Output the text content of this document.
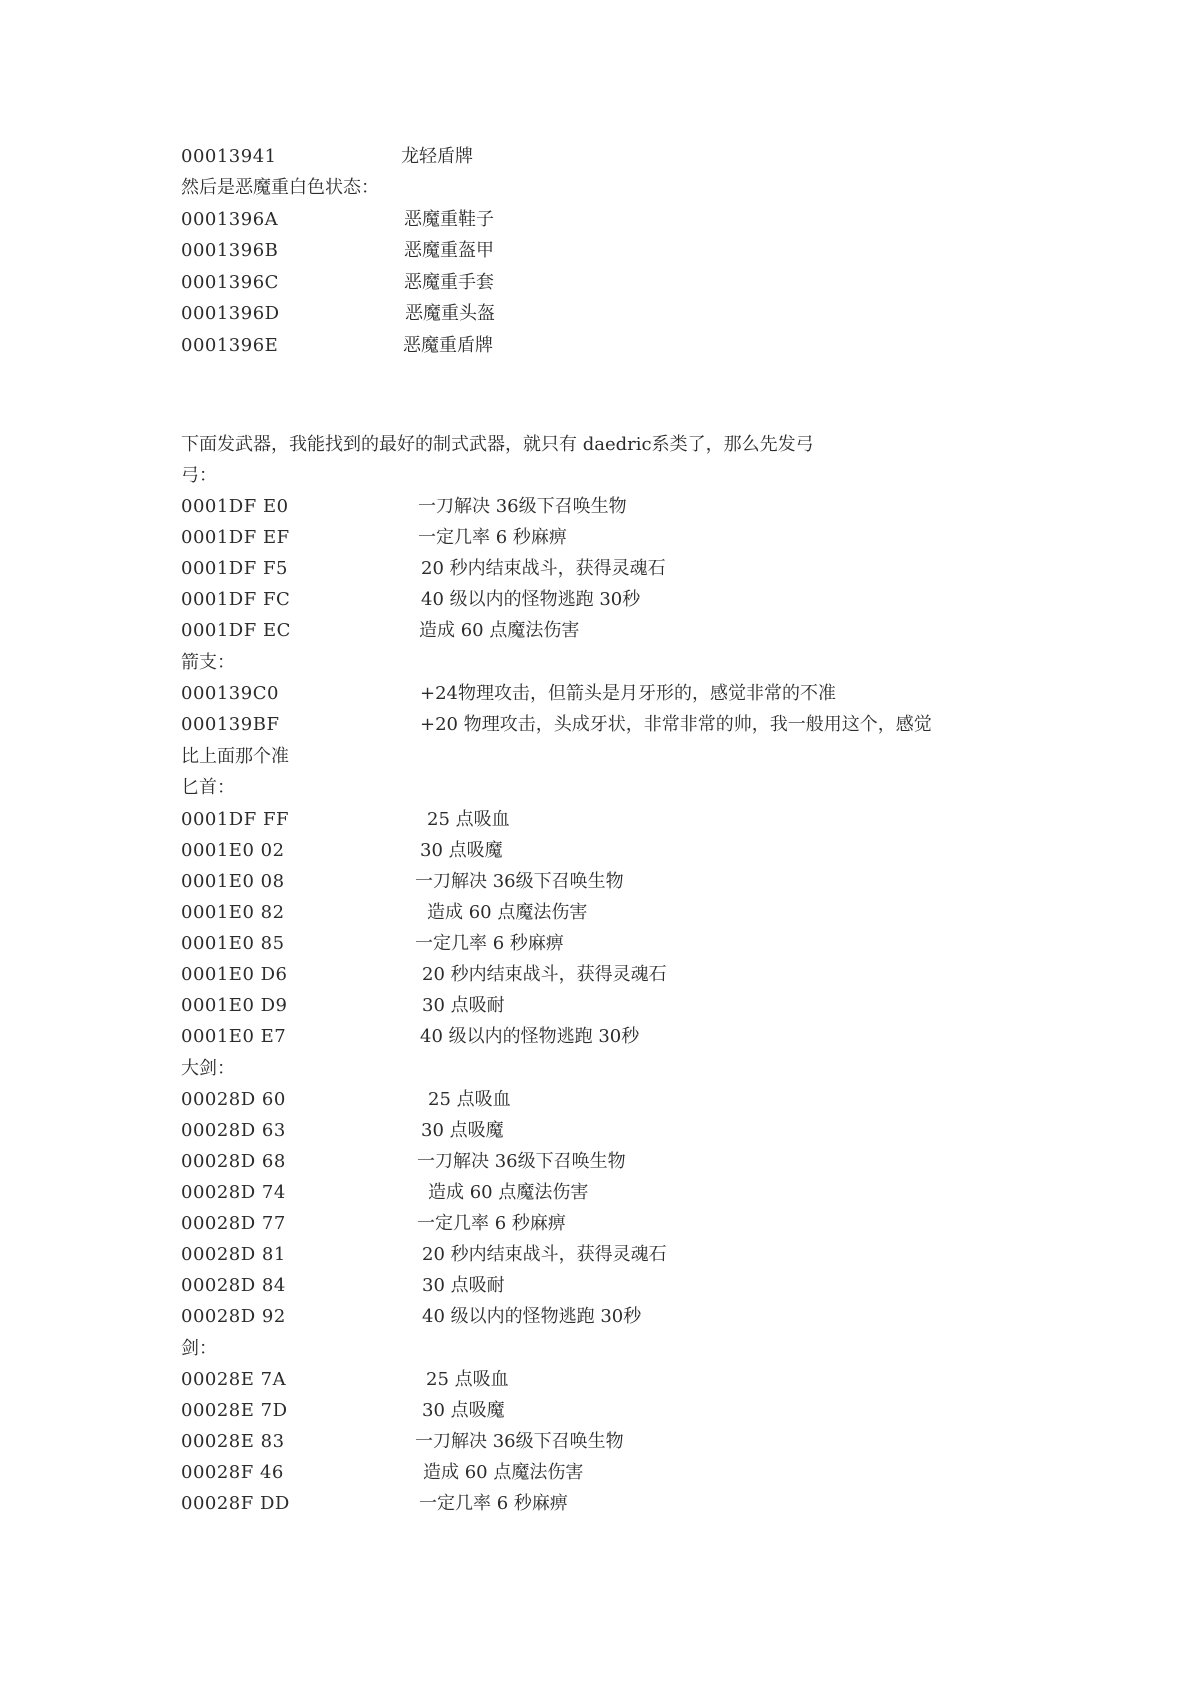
00013941	龙轻盾牌
然后是恶魔重白色状态：
0001396A	恶魔重鞋子
0001396B	恶魔重盔甲
0001396C	恶魔重手套
0001396D	恶魔重头盔
0001396E	恶魔重盾牌
下面发武器，我能找到的最好的制式武器，就只有 daedric系类了，那么先发弓
弓：
0001DF E0	一刀解决 36级下召唤生物
0001DF EF	一定几率 6 秒麻痹
0001DF F5	20 秒内结束战斗，获得灵魂石
0001DF FC	40 级以内的怪物逃跑 30秒
0001DF EC	造成 60 点魔法伤害
箭支：
000139C0	+24物理攻击，但箭头是月牙形的，感觉非常的不准
000139BF	+20 物理攻击，头成牙状，非常非常的帅，我一般用这个，感觉
比上面那个准
匕首：
0001DF FF	25 点吸血
0001E0 02	30 点吸魔
0001E0 08	一刀解决 36级下召唤生物
0001E0 82	造成 60 点魔法伤害
0001E0 85	一定几率 6 秒麻痹
0001E0 D6	20 秒内结束战斗，获得灵魂石
0001E0 D9	30 点吸耐
0001E0 E7	40 级以内的怪物逃跑 30秒
大剑：
00028D 60	25 点吸血
00028D 63	30 点吸魔
00028D 68	一刀解决 36级下召唤生物
00028D 74	造成 60 点魔法伤害
00028D 77	一定几率 6 秒麻痹
00028D 81	20 秒内结束战斗，获得灵魂石
00028D 84	30 点吸耐
00028D 92	40 级以内的怪物逃跑 30秒
剑：
00028E 7A	25 点吸血
00028E 7D	30 点吸魔
00028E 83	一刀解决 36级下召唤生物
00028F 46	造成 60 点魔法伤害
00028F DD	一定几率 6 秒麻痹
